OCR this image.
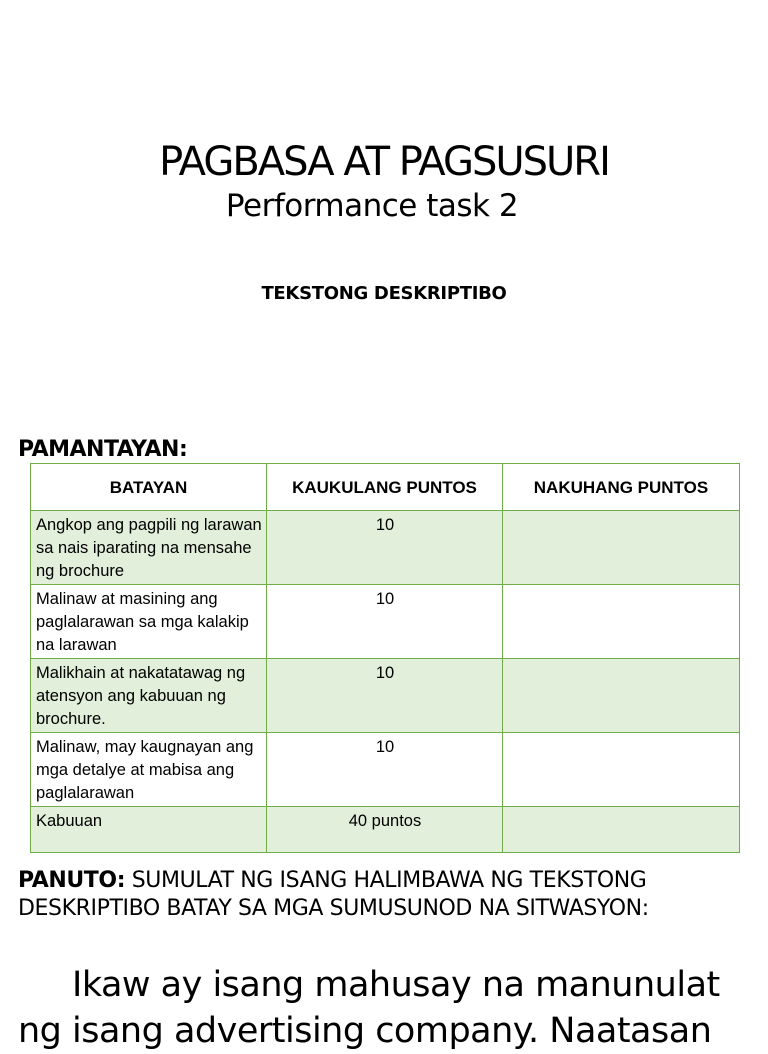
PAGBASA AT PAGSUSURI
Performance task 2
TEKSTONG DESKRIPTIBO
PAMANTAYAN:
BATAYAN	KAUKULANG PUNTOS	NAKUHANG PUNTOS
Angkop ang pagpili ng larawan sa nais iparating na mensahe ng brochure	10	
Malinaw at masining ang paglalarawan sa mga kalakip na larawan	10	
Malikhain at nakatatawag ng atensyon ang kabuuan ng brochure.	10	
Malinaw, may kaugnayan ang mga detalye at mabisa ang paglalarawan	10	
Kabuuan	40 puntos	
PANUTO: SUMULAT NG ISANG HALIMBAWA NG TEKSTONG DESKRIPTIBO BATAY SA MGA SUMUSUNOD NA SITWASYON:
Ikaw ay isang mahusay na manunulat ng isang advertising company. Naatasan
